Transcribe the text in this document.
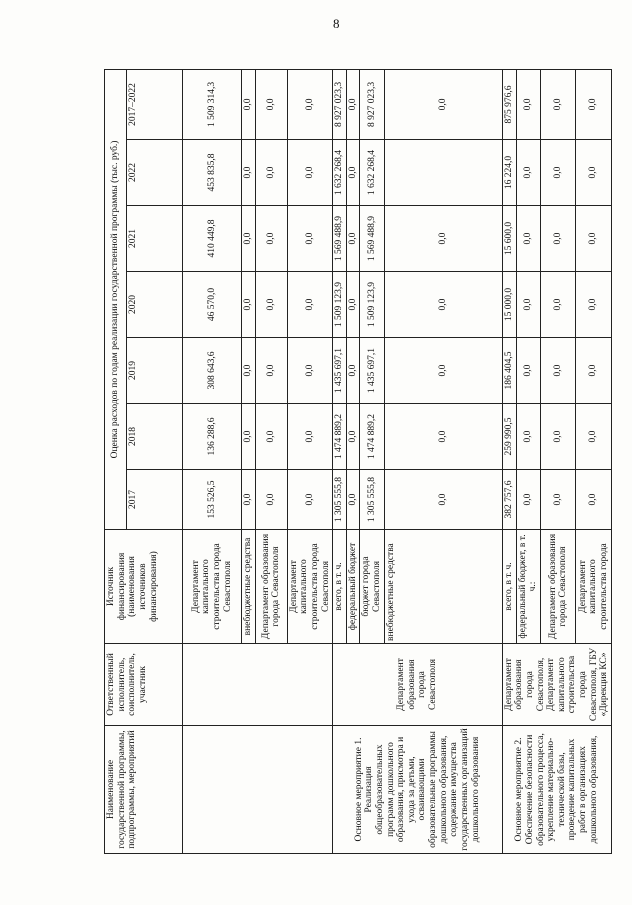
8
Наименование государственной программы, подпрограммы, мероприятий	Ответственный исполнитель, соисполнитель, участник	Источник финансирования (наименования источников финансирования)	Оценка расходов по годам реализации государственной программы (тыс. руб.)						
			2017	2018	2019	2020	2021	2022	2017–2022
		Департамент капитального строительства города Севастополя	153 526,5	136 288,6	308 643,6	46 570,0	410 449,8	453 835,8	1 509 314,3
		внебюджетные средства	0,0	0,0	0,0	0,0	0,0	0,0	0,0
		Департамент образования города Севастополя	0,0	0,0	0,0	0,0	0,0	0,0	0,0
		Департамент капитального строительства города Севастополя	0,0	0,0	0,0	0,0	0,0	0,0	0,0
Основное мероприятие 1. Реализация общеобразовательных программ дошкольного образования, присмотра и ухода за детьми, осваивающими образовательные программы дошкольного образования, содержание имущества государственных организаций дошкольного образования	Департамент образования города Севастополя	всего, в т. ч.	1 305 555,8	1 474 889,2	1 435 697,1	1 509 123,9	1 569 488,9	1 632 268,4	8 927 023,3
		федеральный бюджет	0,0	0,0	0,0	0,0	0,0	0,0	0,0
		бюджет города Севастополя	1 305 555,8	1 474 889,2	1 435 697,1	1 509 123,9	1 569 488,9	1 632 268,4	8 927 023,3
		внебюджетные средства	0,0	0,0	0,0	0,0	0,0		0,0
Основное мероприятие 2. Обеспечение безопасности образовательного процесса, укрепление материально-технической базы, проведение капитальных работ в организациях дошкольного образования,	Департамент образования города Севастополя, Департамент капитального строительства города Севастополя, ГБУ «Дирекция КС»	всего, в т. ч.	382 757,6	259 990,5	186 404,5	15 000,0	15 600,0	16 224,0	875 976,6
		федеральный бюджет, в т. ч.:	0,0	0,0	0,0	0,0	0,0	0,0	0,0
		Департамент образования города Севастополя	0,0	0,0	0,0	0,0	0,0	0,0	0,0
		Департамент капитального строительства города	0,0	0,0	0,0	0,0	0,0	0,0	0,0
